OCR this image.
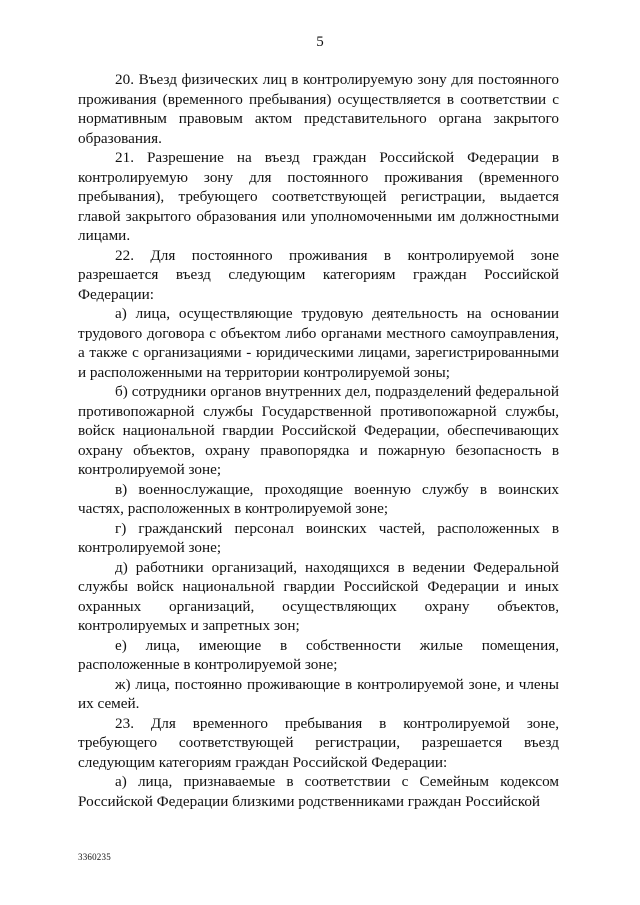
5

20. Въезд физических лиц в контролируемую зону для постоянного проживания (временного пребывания) осуществляется в соответствии с нормативным правовым актом представительного органа закрытого образования.

21. Разрешение на въезд граждан Российской Федерации в контролируемую зону для постоянного проживания (временного пребывания), требующего соответствующей регистрации, выдается главой закрытого образования или уполномоченными им должностными лицами.

22. Для постоянного проживания в контролируемой зоне разрешается въезд следующим категориям граждан Российской Федерации:

а) лица, осуществляющие трудовую деятельность на основании трудового договора с объектом либо органами местного самоуправления, а также с организациями - юридическими лицами, зарегистрированными и расположенными на территории контролируемой зоны;

б) сотрудники органов внутренних дел, подразделений федеральной противопожарной службы Государственной противопожарной службы, войск национальной гвардии Российской Федерации, обеспечивающих охрану объектов, охрану правопорядка и пожарную безопасность в контролируемой зоне;

в) военнослужащие, проходящие военную службу в воинских частях, расположенных в контролируемой зоне;

г) гражданский персонал воинских частей, расположенных в контролируемой зоне;

д) работники организаций, находящихся в ведении Федеральной службы войск национальной гвардии Российской Федерации и иных охранных организаций, осуществляющих охрану объектов, контролируемых и запретных зон;

е) лица, имеющие в собственности жилые помещения, расположенные в контролируемой зоне;

ж) лица, постоянно проживающие в контролируемой зоне, и члены их семей.

23. Для временного пребывания в контролируемой зоне, требующего соответствующей регистрации, разрешается въезд следующим категориям граждан Российской Федерации:

а) лица, признаваемые в соответствии с Семейным кодексом Российской Федерации близкими родственниками граждан Российской

3360235
